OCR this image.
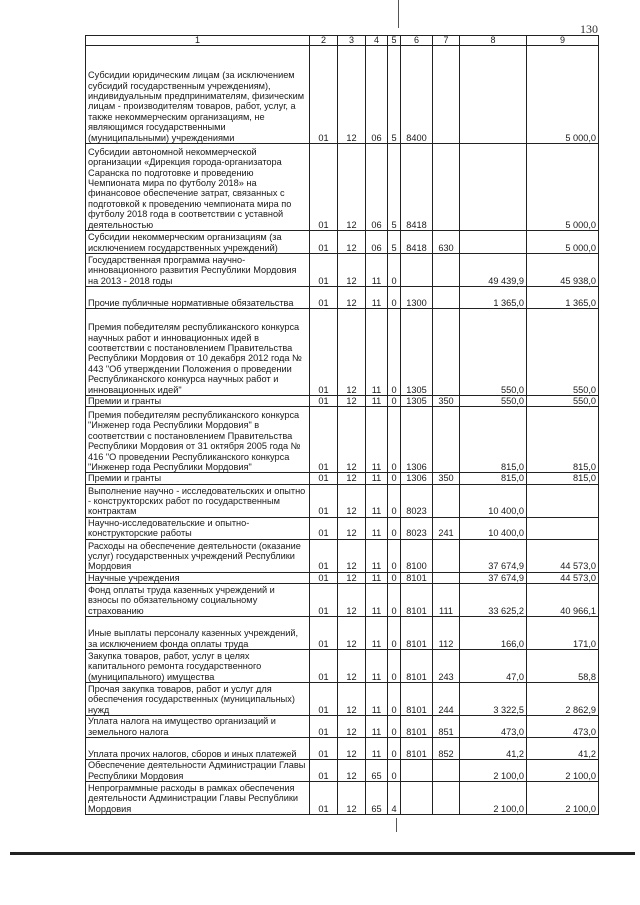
130
1	2	3	4	5	6	7	8	9
Субсидии юридическим лицам (за исключением субсидий государственным учреждениям), индивидуальным предпринимателям, физическим лицам - производителям товаров, работ, услуг, а также некоммерческим организациям, не являющимся государственными (муниципальными) учреждениями	01	12	06	5	8400			5 000,0
Субсидии автономной некоммерческой организации «Дирекция города-организатора Саранска по подготовке и проведению Чемпионата мира по футболу 2018» на финансовое обеспечение затрат, связанных с подготовкой к проведению чемпионата мира по футболу 2018 года в соответствии с уставной деятельностью	01	12	06	5	8418			5 000,0
Субсидии некоммерческим организациям (за исключением государственных учреждений)	01	12	06	5	8418	630		5 000,0
Государственная программа научно-инновационного развития Республики Мордовия на 2013 - 2018 годы	01	12	11	0			49 439,9	45 938,0
Прочие публичные нормативные обязательства	01	12	11	0	1300		1 365,0	1 365,0
Премия победителям республиканского конкурса научных работ и инновационных идей в соответствии с постановлением Правительства Республики Мордовия от 10 декабря 2012 года № 443 "Об утверждении Положения о проведении Республиканского конкурса научных работ и инновационных идей"	01	12	11	0	1305		550,0	550,0
Премии и гранты	01	12	11	0	1305	350	550,0	550,0
Премия победителям республиканского конкурса "Инженер года Республики Мордовия" в соответствии с постановлением Правительства Республики Мордовия от 31 октября 2005 года № 416 "О проведении Республиканского конкурса "Инженер года Республики Мордовия"	01	12	11	0	1306		815,0	815,0
Премии и гранты	01	12	11	0	1306	350	815,0	815,0
Выполнение научно - исследовательских и опытно - конструкторских работ по государственным контрактам	01	12	11	0	8023		10 400,0	
Научно-исследовательские и опытно-конструкторские работы	01	12	11	0	8023	241	10 400,0	
Расходы на обеспечение деятельности (оказание услуг) государственных учреждений Республики Мордовия	01	12	11	0	8100		37 674,9	44 573,0
Научные учреждения	01	12	11	0	8101		37 674,9	44 573,0
Фонд оплаты труда казенных учреждений и взносы по обязательному социальному страхованию	01	12	11	0	8101	111	33 625,2	40 966,1
Иные выплаты персоналу казенных учреждений, за исключением фонда оплаты труда	01	12	11	0	8101	112	166,0	171,0
Закупка товаров, работ, услуг в целях капитального ремонта государственного (муниципального) имущества	01	12	11	0	8101	243	47,0	58,8
Прочая закупка товаров, работ и услуг для обеспечения государственных (муниципальных) нужд	01	12	11	0	8101	244	3 322,5	2 862,9
Уплата налога на имущество организаций и земельного налога	01	12	11	0	8101	851	473,0	473,0
Уплата прочих налогов, сборов и иных платежей	01	12	11	0	8101	852	41,2	41,2
Обеспечение деятельности Администрации Главы Республики Мордовия	01	12	65	0			2 100,0	2 100,0
Непрограммные расходы в рамках обеспечения деятельности Администрации Главы Республики Мордовия	01	12	65	4			2 100,0	2 100,0
